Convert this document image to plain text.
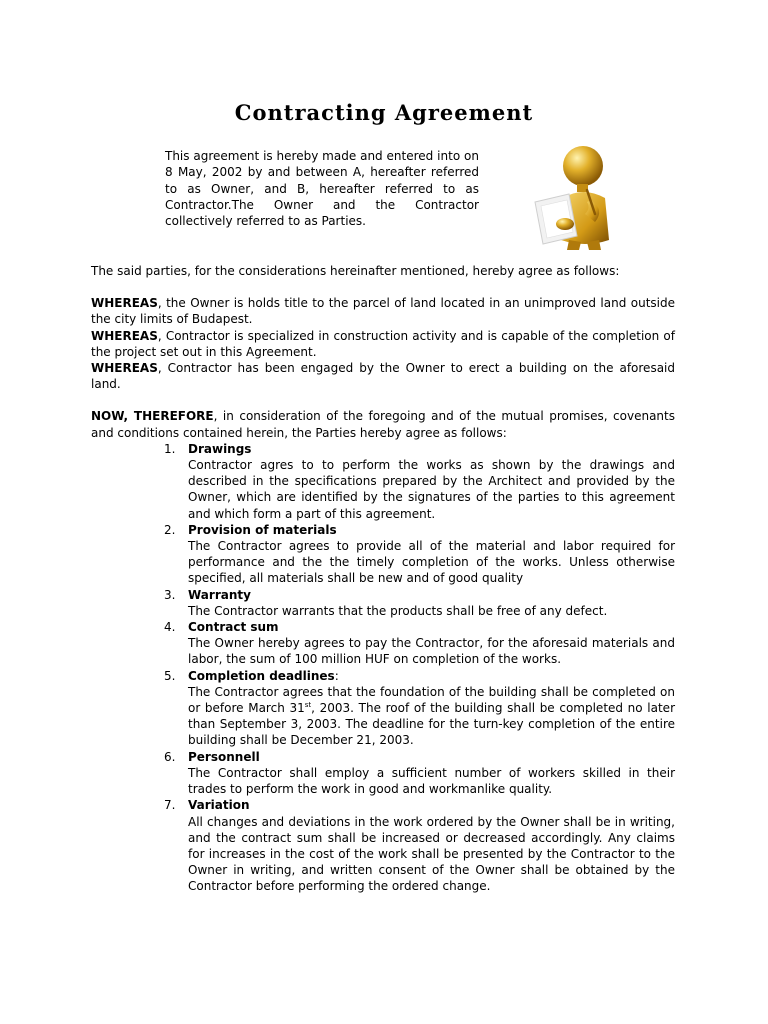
Contracting Agreement
This agreement is hereby made and entered into on 8 May, 2002 by and between A, hereafter referred to as Owner, and B, hereafter referred to as Contractor.The Owner and the Contractor collectively referred to as Parties.

The said parties, for the considerations hereinafter mentioned, hereby agree as follows:

WHEREAS, the Owner is holds title to the parcel of land located in an unimproved land outside the city limits of Budapest.

WHEREAS, Contractor is specialized in construction activity and is capable of the completion of the project set out in this Agreement.

WHEREAS, Contractor has been engaged by the Owner to erect a building on the aforesaid land.

NOW, THEREFORE, in consideration of the foregoing and of the mutual promises, covenants and conditions contained herein, the Parties hereby agree as follows:

1. Drawings
Contractor agres to to perform the works as shown by the drawings and described in the specifications prepared by the Architect and provided by the Owner, which are identified by the signatures of the parties to this agreement and which form a part of this agreement.
2. Provision of materials
The Contractor agrees to provide all of the material and labor required for performance and the the timely completion of the works. Unless otherwise specified, all materials shall be new and of good quality
3. Warranty
The Contractor warrants that the products shall be free of any defect.
4. Contract sum
The Owner hereby agrees to pay the Contractor, for the aforesaid materials and labor, the sum of 100 million HUF on completion of the works.
5. Completion deadlines:
The Contractor agrees that the foundation of the building shall be completed on or before March 31st, 2003. The roof of the building shall be completed no later than September 3, 2003. The deadline for the turn-key completion of the entire building shall be December 21, 2003.
6. Personnell
The Contractor shall employ a sufficient number of workers skilled in their trades to perform the work in good and workmanlike quality.
7. Variation
All changes and deviations in the work ordered by the Owner shall be in writing, and the contract sum shall be increased or decreased accordingly. Any claims for increases in the cost of the work shall be presented by the Contractor to the Owner in writing, and written consent of the Owner shall be obtained by the Contractor before performing the ordered change.
